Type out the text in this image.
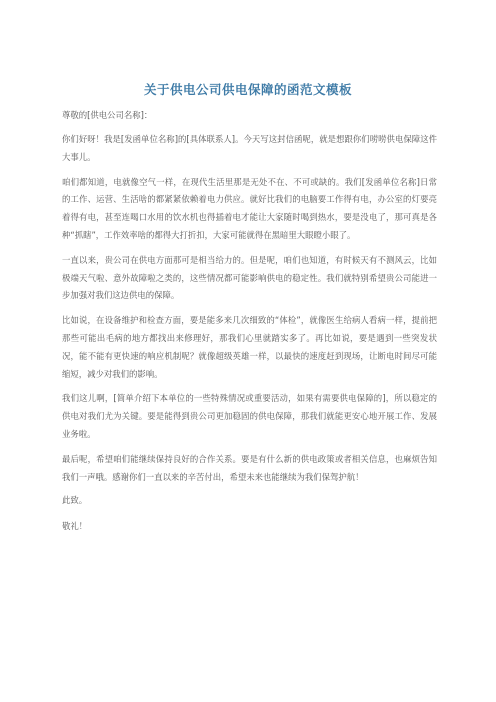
关于供电公司供电保障的函范文模板

尊敬的[供电公司名称]：

你们好呀！我是[发函单位名称]的[具体联系人]。今天写这封信函呢，就是想跟你们唠唠供电保障这件大事儿。

咱们都知道，电就像空气一样，在现代生活里那是无处不在、不可或缺的。我们[发函单位名称]日常的工作、运营、生活啥的都紧紧依赖着电力供应。就好比我们的电脑要工作得有电，办公室的灯要亮着得有电，甚至连喝口水用的饮水机也得插着电才能让大家随时喝到热水，要是没电了，那可真是各种“抓瞎”，工作效率啥的都得大打折扣，大家可能就得在黑暗里大眼瞪小眼了。

一直以来，贵公司在供电方面那可是相当给力的。但是呢，咱们也知道，有时候天有不测风云，比如极端天气啦、意外故障啦之类的，这些情况都可能影响供电的稳定性。我们就特别希望贵公司能进一步加强对我们这边供电的保障。

比如说，在设备维护和检查方面，要是能多来几次细致的“体检”，就像医生给病人看病一样，提前把那些可能出毛病的地方都找出来修理好，那我们心里就踏实多了。再比如说，要是遇到一些突发状况，能不能有更快速的响应机制呢？就像超级英雄一样，以最快的速度赶到现场，让断电时间尽可能缩短，减少对我们的影响。

我们这儿啊，[简单介绍下本单位的一些特殊情况或重要活动，如果有需要供电保障的]，所以稳定的供电对我们尤为关键。要是能得到贵公司更加稳固的供电保障，那我们就能更安心地开展工作、发展业务啦。

最后呢，希望咱们能继续保持良好的合作关系。要是有什么新的供电政策或者相关信息，也麻烦告知我们一声哦。感谢你们一直以来的辛苦付出，希望未来也能继续为我们保驾护航！

此致。

敬礼！
